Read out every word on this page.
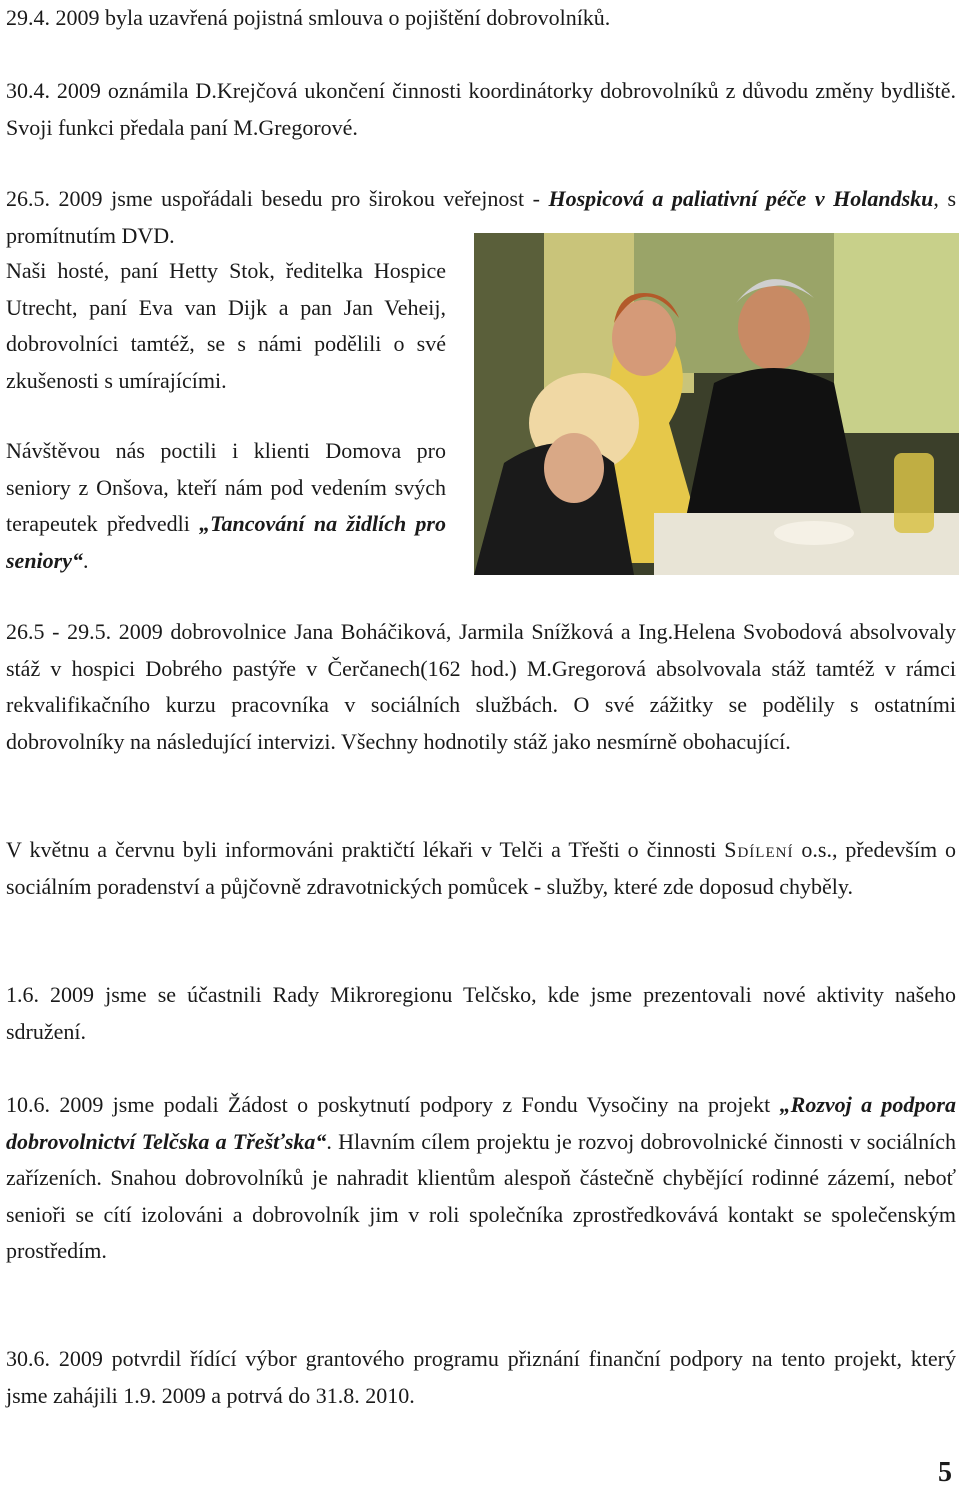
29.4. 2009 byla uzavřená pojistná smlouva o pojištění dobrovolníků.

30.4. 2009 oznámila D.Krejčová ukončení činnosti koordinátorky dobrovolníků z důvodu změny bydliště. Svoji funkci předala paní M.Gregorové.

26.5. 2009 jsme uspořádali besedu pro širokou veřejnost - Hospicová a paliativní péče v Holandsku, s promítnutím DVD.

Naši hosté, paní Hetty Stok, ředitelka Hospice Utrecht, paní Eva van Dijk a pan Jan Veheij, dobrovolníci tamtéž, se s námi podělili o své zkušenosti s umírajícími.

Návštěvou nás poctili i klienti Domova pro seniory z Onšova, kteří nám pod vedením svých terapeutek předvedli „Tancování na židlích pro seniory“.

26.5 - 29.5. 2009 dobrovolnice Jana Boháčiková, Jarmila Snížková a Ing.Helena Svobodová absolvovaly stáž v hospici Dobrého pastýře v Čerčanech(162 hod.) M.Gregorová absolvovala stáž tamtéž v rámci rekvalifikačního kurzu pracovníka v sociálních službách. O své zážitky se podělily s ostatními dobrovolníky na následující intervizi. Všechny hodnotily stáž jako nesmírně obohacující.

V květnu a červnu byli informováni praktičtí lékaři v Telči a Třešti o činnosti Sdílení o.s., především o sociálním poradenství a půjčovně zdravotnických pomůcek - služby, které zde doposud chyběly.

1.6. 2009 jsme se účastnili Rady Mikroregionu Telčsko, kde jsme prezentovali nové aktivity našeho sdružení.

10.6. 2009 jsme podali Žádost o poskytnutí podpory z Fondu Vysočiny na projekt „Rozvoj a podpora dobrovolnictví Telčska a Třešťska“. Hlavním cílem projektu je rozvoj dobrovolnické činnosti v sociálních zařízeních. Snahou dobrovolníků je nahradit klientům alespoň částečně chybějící rodinné zázemí, neboť senioři se cítí izolováni a dobrovolník jim v roli společníka zprostředkovává kontakt se společenským prostředím.

30.6. 2009 potvrdil řídící výbor grantového programu přiznání finanční podpory na tento projekt, který jsme zahájili 1.9. 2009 a potrvá do 31.8. 2010.

5
